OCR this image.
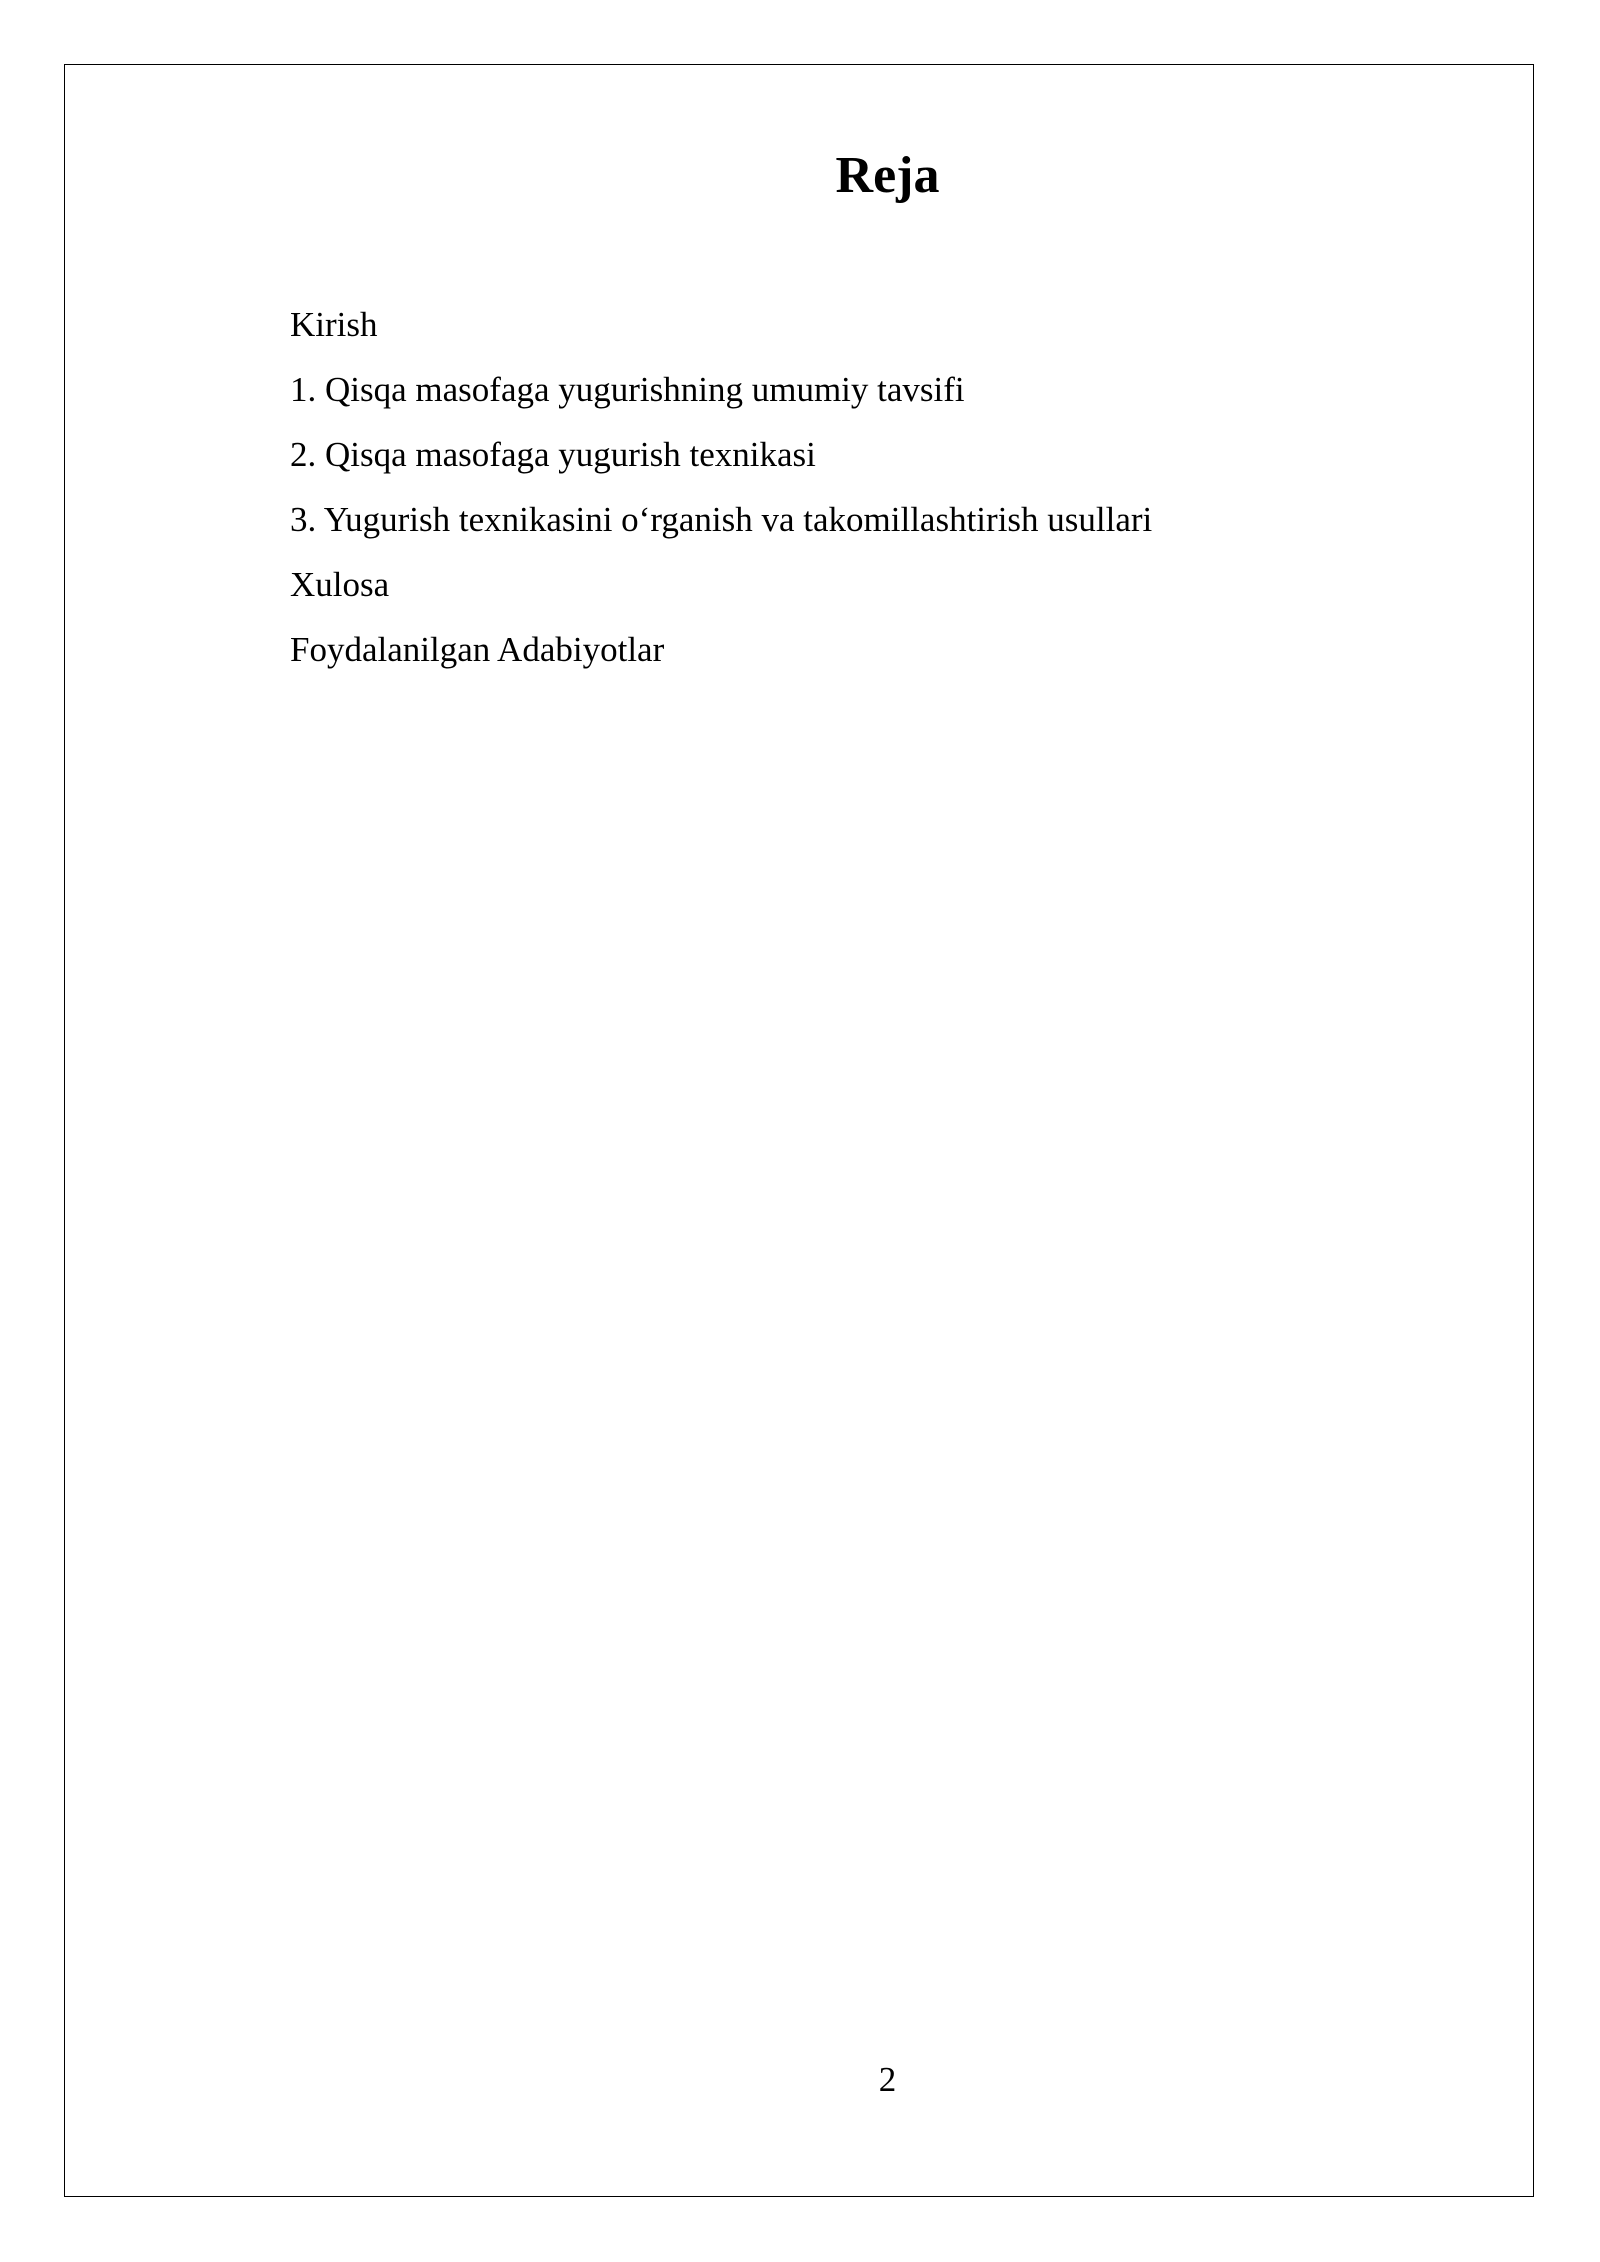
Reja
Kirish
1. Qisqa masofaga yugurishning umumiy tavsifi
2. Qisqa masofaga yugurish texnikasi
3. Yugurish texnikasini o‘rganish va takomillashtirish usullari
Xulosa
Foydalanilgan Adabiyotlar
2
